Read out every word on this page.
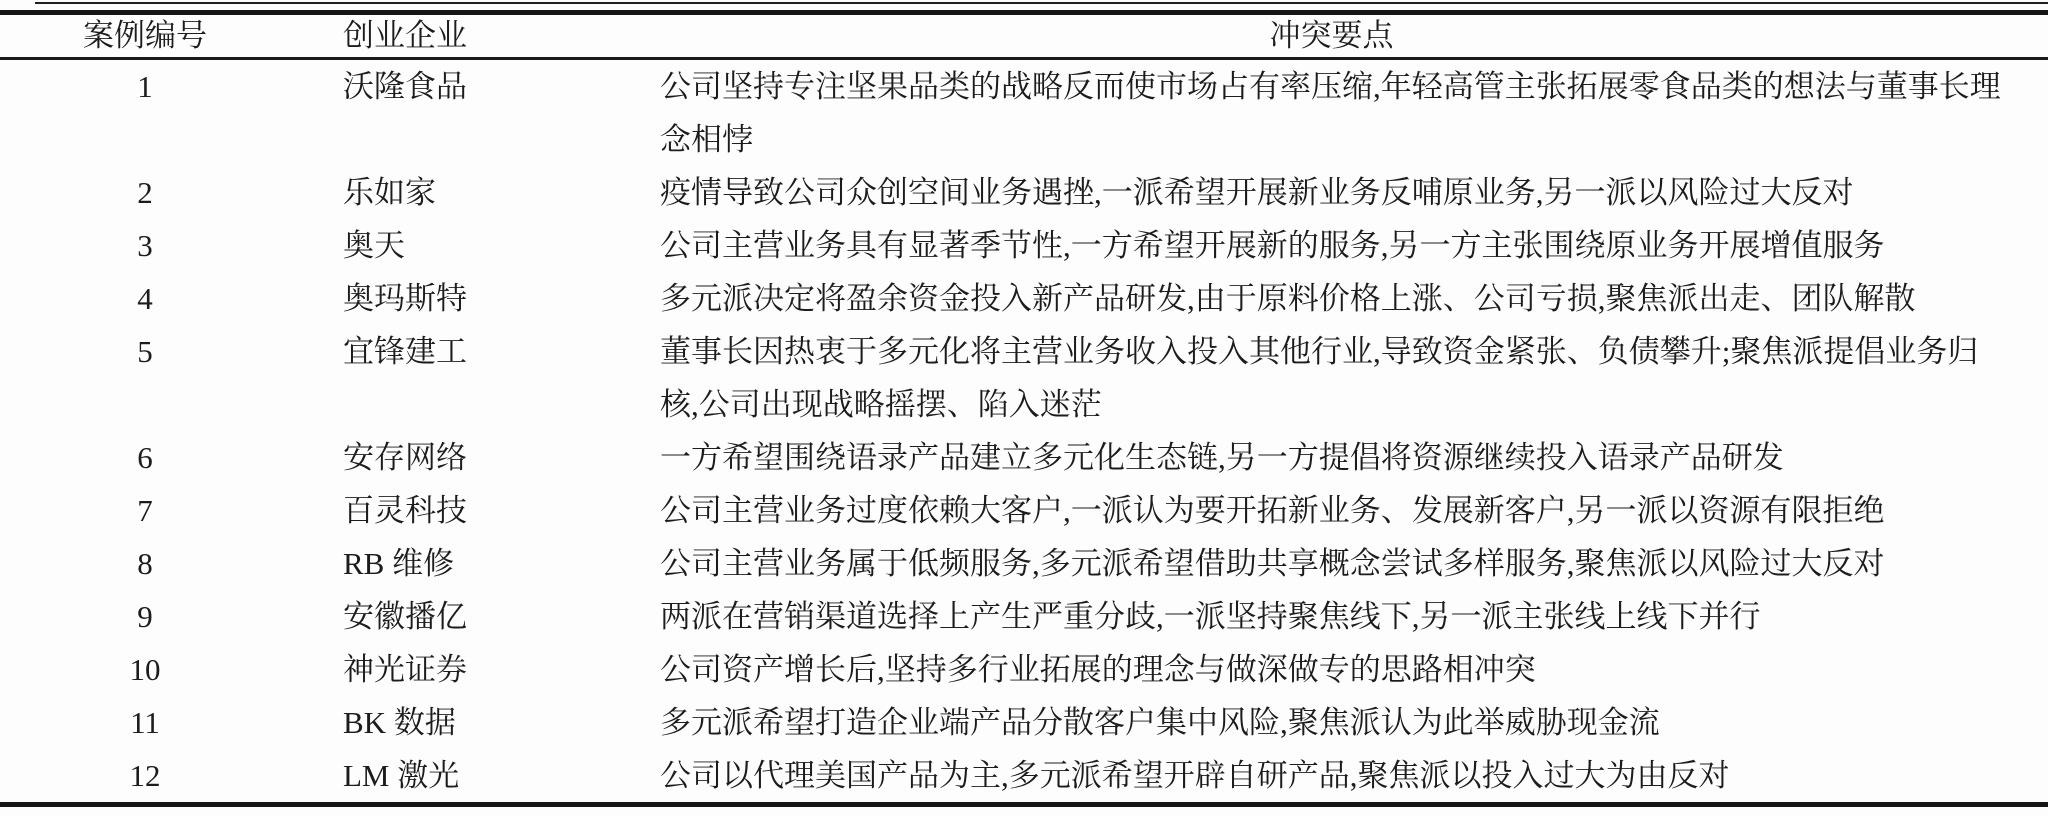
案例编号	创业企业	冲突要点
1	沃隆食品	公司坚持专注坚果品类的战略反而使市场占有率压缩,年轻高管主张拓展零食品类的想法与董事长理念相悖
2	乐如家	疫情导致公司众创空间业务遇挫,一派希望开展新业务反哺原业务,另一派以风险过大反对
3	奥天	公司主营业务具有显著季节性,一方希望开展新的服务,另一方主张围绕原业务开展增值服务
4	奥玛斯特	多元派决定将盈余资金投入新产品研发,由于原料价格上涨、公司亏损,聚焦派出走、团队解散
5	宜锋建工	董事长因热衷于多元化将主营业务收入投入其他行业,导致资金紧张、负债攀升;聚焦派提倡业务归核,公司出现战略摇摆、陷入迷茫
6	安存网络	一方希望围绕语录产品建立多元化生态链,另一方提倡将资源继续投入语录产品研发
7	百灵科技	公司主营业务过度依赖大客户,一派认为要开拓新业务、发展新客户,另一派以资源有限拒绝
8	RB 维修	公司主营业务属于低频服务,多元派希望借助共享概念尝试多样服务,聚焦派以风险过大反对
9	安徽播亿	两派在营销渠道选择上产生严重分歧,一派坚持聚焦线下,另一派主张线上线下并行
10	神光证券	公司资产增长后,坚持多行业拓展的理念与做深做专的思路相冲突
11	BK 数据	多元派希望打造企业端产品分散客户集中风险,聚焦派认为此举威胁现金流
12	LM 激光	公司以代理美国产品为主,多元派希望开辟自研产品,聚焦派以投入过大为由反对
